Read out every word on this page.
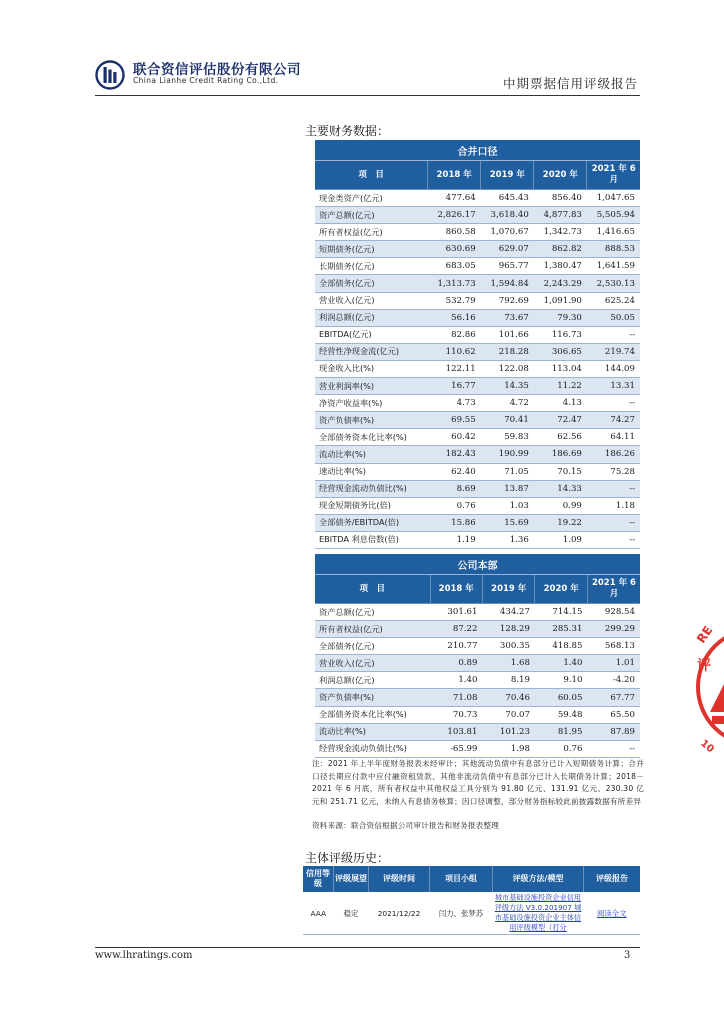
联合资信评估股份有限公司
China Lianhe Credit Rating Co.,Ltd.	中期票据信用评级报告
主要财务数据：
合并口径				
项　目	2018 年	2019 年	2020 年	2021 年 6 月
现金类资产(亿元)	477.64	645.43	856.40	1,047.65
资产总额(亿元)	2,826.17	3,618.40	4,877.83	5,505.94
所有者权益(亿元)	860.58	1,070.67	1,342.73	1,416.65
短期债务(亿元)	630.69	629.07	862.82	888.53
长期债务(亿元)	683.05	965.77	1,380.47	1,641.59
全部债务(亿元)	1,313.73	1,594.84	2,243.29	2,530.13
营业收入(亿元)	532.79	792.69	1,091.90	625.24
利润总额(亿元)	56.16	73.67	79.30	50.05
EBITDA(亿元)	82.86	101.66	116.73	--
经营性净现金流(亿元)	110.62	218.28	306.65	219.74
现金收入比(%)	122.11	122.08	113.04	144.09
营业利润率(%)	16.77	14.35	11.22	13.31
净资产收益率(%)	4.73	4.72	4.13	--
资产负债率(%)	69.55	70.41	72.47	74.27
全部债务资本化比率(%)	60.42	59.83	62.56	64.11
流动比率(%)	182.43	190.99	186.69	186.26
速动比率(%)	62.40	71.05	70.15	75.28
经营现金流动负债比(%)	8.69	13.87	14.33	--
现金短期债务比(倍)	0.76	1.03	0.99	1.18
全部债务/EBITDA(倍)	15.86	15.69	19.22	--
EBITDA 利息倍数(倍)	1.19	1.36	1.09	--
公司本部				
项　目	2018 年	2019 年	2020 年	2021 年 6 月
资产总额(亿元)	301.61	434.27	714.15	928.54
所有者权益(亿元)	87.22	128.29	285.31	299.29
全部债务(亿元)	210.77	300.35	418.85	568.13
营业收入(亿元)	0.89	1.68	1.40	1.01
利润总额(亿元)	1.40	8.19	9.10	-4.20
资产负债率(%)	71.08	70.46	60.05	67.77
全部债务资本化比率(%)	70.73	70.07	59.48	65.50
流动比率(%)	103.81	101.23	81.95	87.89
经营现金流动负债比(%)	-65.99	1.98	0.76	--
注：2021 年上半年度财务报表未经审计；其他流动负债中有息部分已计入短期债务计算；合并口径长期应付款中应付融资租赁款、其他非流动负债中有息部分已计入长期债务计算；2018－2021 年 6 月底，所有者权益中其他权益工具分别为 91.80 亿元、131.91 亿元、230.30 亿元和 251.71 亿元，未纳入有息债务核算；因口径调整，部分财务指标较此前披露数据有所差异
资料来源：联合资信根据公司审计报告和财务报表整理
主体评级历史：
信用等级	评级展望	评级时间	项目小组	评级方法/模型	评级报告
AAA	稳定	2021/12/22	闫力、张梦苏	城市基础设施投资企业信用评级方法 V3.0.201907 城市基础设施投资企业主体信用评级模型（打分	阅读全文
RE
评
10
www.lhratings.com	3
